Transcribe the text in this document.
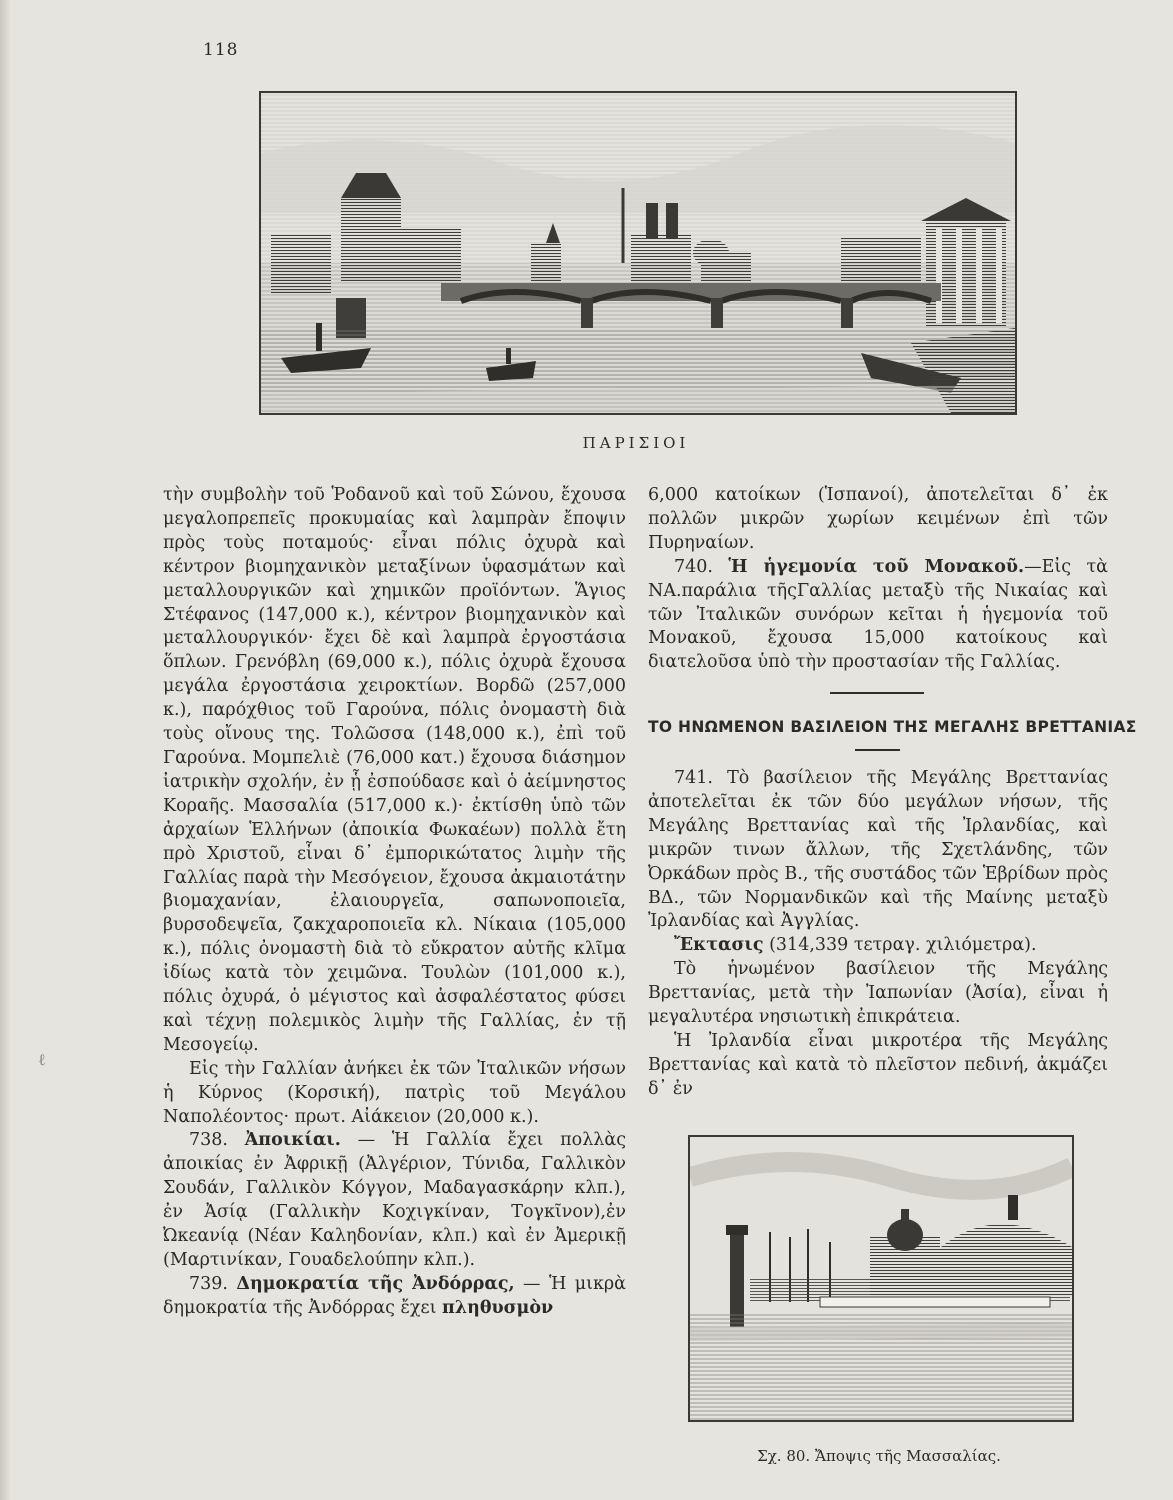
118
ΠΑΡΙΣΙΟΙ

τὴν συμβολὴν τοῦ Ῥοδανοῦ καὶ τοῦ Σώνου, ἔχουσα μεγαλοπρεπεῖς προκυμαίας καὶ λαμπρὰν ἔποψιν πρὸς τοὺς ποταμούς· εἶναι πόλις ὀχυρὰ καὶ κέντρον βιομηχανικὸν μεταξίνων ὑφασμάτων καὶ μεταλλουργικῶν καὶ χημικῶν προϊόντων. Ἅγιος Στέφανος (147,000 κ.), κέντρον βιομηχανικὸν καὶ μεταλλουργικόν· ἔχει δὲ καὶ λαμπρὰ ἐργοστάσια ὅπλων. Γρενόβλη (69,000 κ.), πόλις ὀχυρὰ ἔχουσα μεγάλα ἐργοστάσια χειροκτίων. Βορδῶ (257,000 κ.), παρόχθιος τοῦ Γαρούνα, πόλις ὀνομαστὴ διὰ τοὺς οἴνους της. Τολῶσσα (148,000 κ.), ἐπὶ τοῦ Γαρούνα. Μομπελιὲ (76,000 κατ.) ἔχουσα διάσημον ἰατρικὴν σχολήν, ἐν ᾗ ἐσπούδασε καὶ ὁ ἀείμνηστος Κοραῆς. Μασσαλία (517,000 κ.)· ἐκτίσθη ὑπὸ τῶν ἀρχαίων Ἑλλήνων (ἀποικία Φωκαέων) πολλὰ ἔτη πρὸ Χριστοῦ, εἶναι δ᾽ ἐμπορικώτατος λιμὴν τῆς Γαλλίας παρὰ τὴν Μεσόγειον, ἔχουσα ἀκμαιοτάτην βιομαχανίαν, ἐλαιουργεῖα, σαπωνοποιεῖα, βυρσοδεψεῖα, ζακχαροποιεῖα κλ. Νίκαια (105,000 κ.), πόλις ὀνομαστὴ διὰ τὸ εὔκρατον αὐτῆς κλῖμα ἰδίως κατὰ τὸν χειμῶνα. Τουλὼν (101,000 κ.), πόλις ὀχυρά, ὁ μέγιστος καὶ ἀσφαλέστατος φύσει καὶ τέχνῃ πολεμικὸς λιμὴν τῆς Γαλλίας, ἐν τῇ Μεσογείῳ.

Εἰς τὴν Γαλλίαν ἀνήκει ἐκ τῶν Ἰταλικῶν νήσων ἡ Κύρνος (Κορσική), πατρὶς τοῦ Μεγάλου Ναπολέοντος· πρωτ. Αἰάκειον (20,000 κ.).

738. Ἀποικίαι. — Ἡ Γαλλία ἔχει πολλὰς ἀποικίας ἐν Ἀφρικῇ (Ἀλγέριον, Τύνιδα, Γαλλικὸν Σουδάν, Γαλλικὸν Κόγγον, Μαδαγασκάρην κλπ.), ἐν Ἀσίᾳ (Γαλλικὴν Κοχιγκίναν, Τογκῖνον),ἐν Ὠκεανίᾳ (Νέαν Καληδονίαν, κλπ.) καὶ ἐν Ἀμερικῇ (Μαρτινίκαν, Γουαδελούπην κλπ.).

739. Δημοκρατία τῆς Ἀνδόρρας, — Ἡ μικρὰ δημοκρατία τῆς Ἀνδόρρας ἔχει πληθυσμὸν

6,000 κατοίκων (Ἱσπανοί), ἀποτελεῖται δ᾽ ἐκ πολλῶν μικρῶν χωρίων κειμένων ἐπὶ τῶν Πυρηναίων.

740. Ἡ ἡγεμονία τοῦ Μονακοῦ.—Εἰς τὰ ΝΑ.παράλια τῆςΓαλλίας μεταξὺ τῆς Νικαίας καὶ τῶν Ἰταλικῶν συνόρων κεῖται ἡ ἡγεμονία τοῦ Μονακοῦ, ἔχουσα 15,000 κατοίκους καὶ διατελοῦσα ὑπὸ τὴν προστασίαν τῆς Γαλλίας.

ΤΟ ΗΝΩΜΕΝΟΝ ΒΑΣΙΛΕΙΟΝ ΤΗΣ ΜΕΓΑΛΗΣ ΒΡΕΤΤΑΝΙΑΣ

741. Τὸ βασίλειον τῆς Μεγάλης Βρεττανίας ἀποτελεῖται ἐκ τῶν δύο μεγάλων νήσων, τῆς Μεγάλης Βρεττανίας καὶ τῆς Ἰρλανδίας, καὶ μικρῶν τινων ἄλλων, τῆς Σχετλάνδης, τῶν Ὀρκάδων πρὸς Β., τῆς συστάδος τῶν Ἑβρίδων πρὸς ΒΔ., τῶν Νορμανδικῶν καὶ τῆς Μαίνης μεταξὺ Ἰρλανδίας καὶ Ἀγγλίας.

Ἔκτασις (314,339 τετραγ. χιλιόμετρα).

Τὸ ἡνωμένον βασίλειον τῆς Μεγάλης Βρεττανίας, μετὰ τὴν Ἰαπωνίαν (Ἀσία), εἶναι ἡ μεγαλυτέρα νησιωτικὴ ἐπικράτεια.

Ἡ Ἰρλανδία εἶναι μικροτέρα τῆς Μεγάλης Βρεττανίας καὶ κατὰ τὸ πλεῖστον πεδινή, ἀκμάζει δ᾽ ἐν

Σχ. 80. Ἄποψις τῆς Μασσαλίας.
ℓ
